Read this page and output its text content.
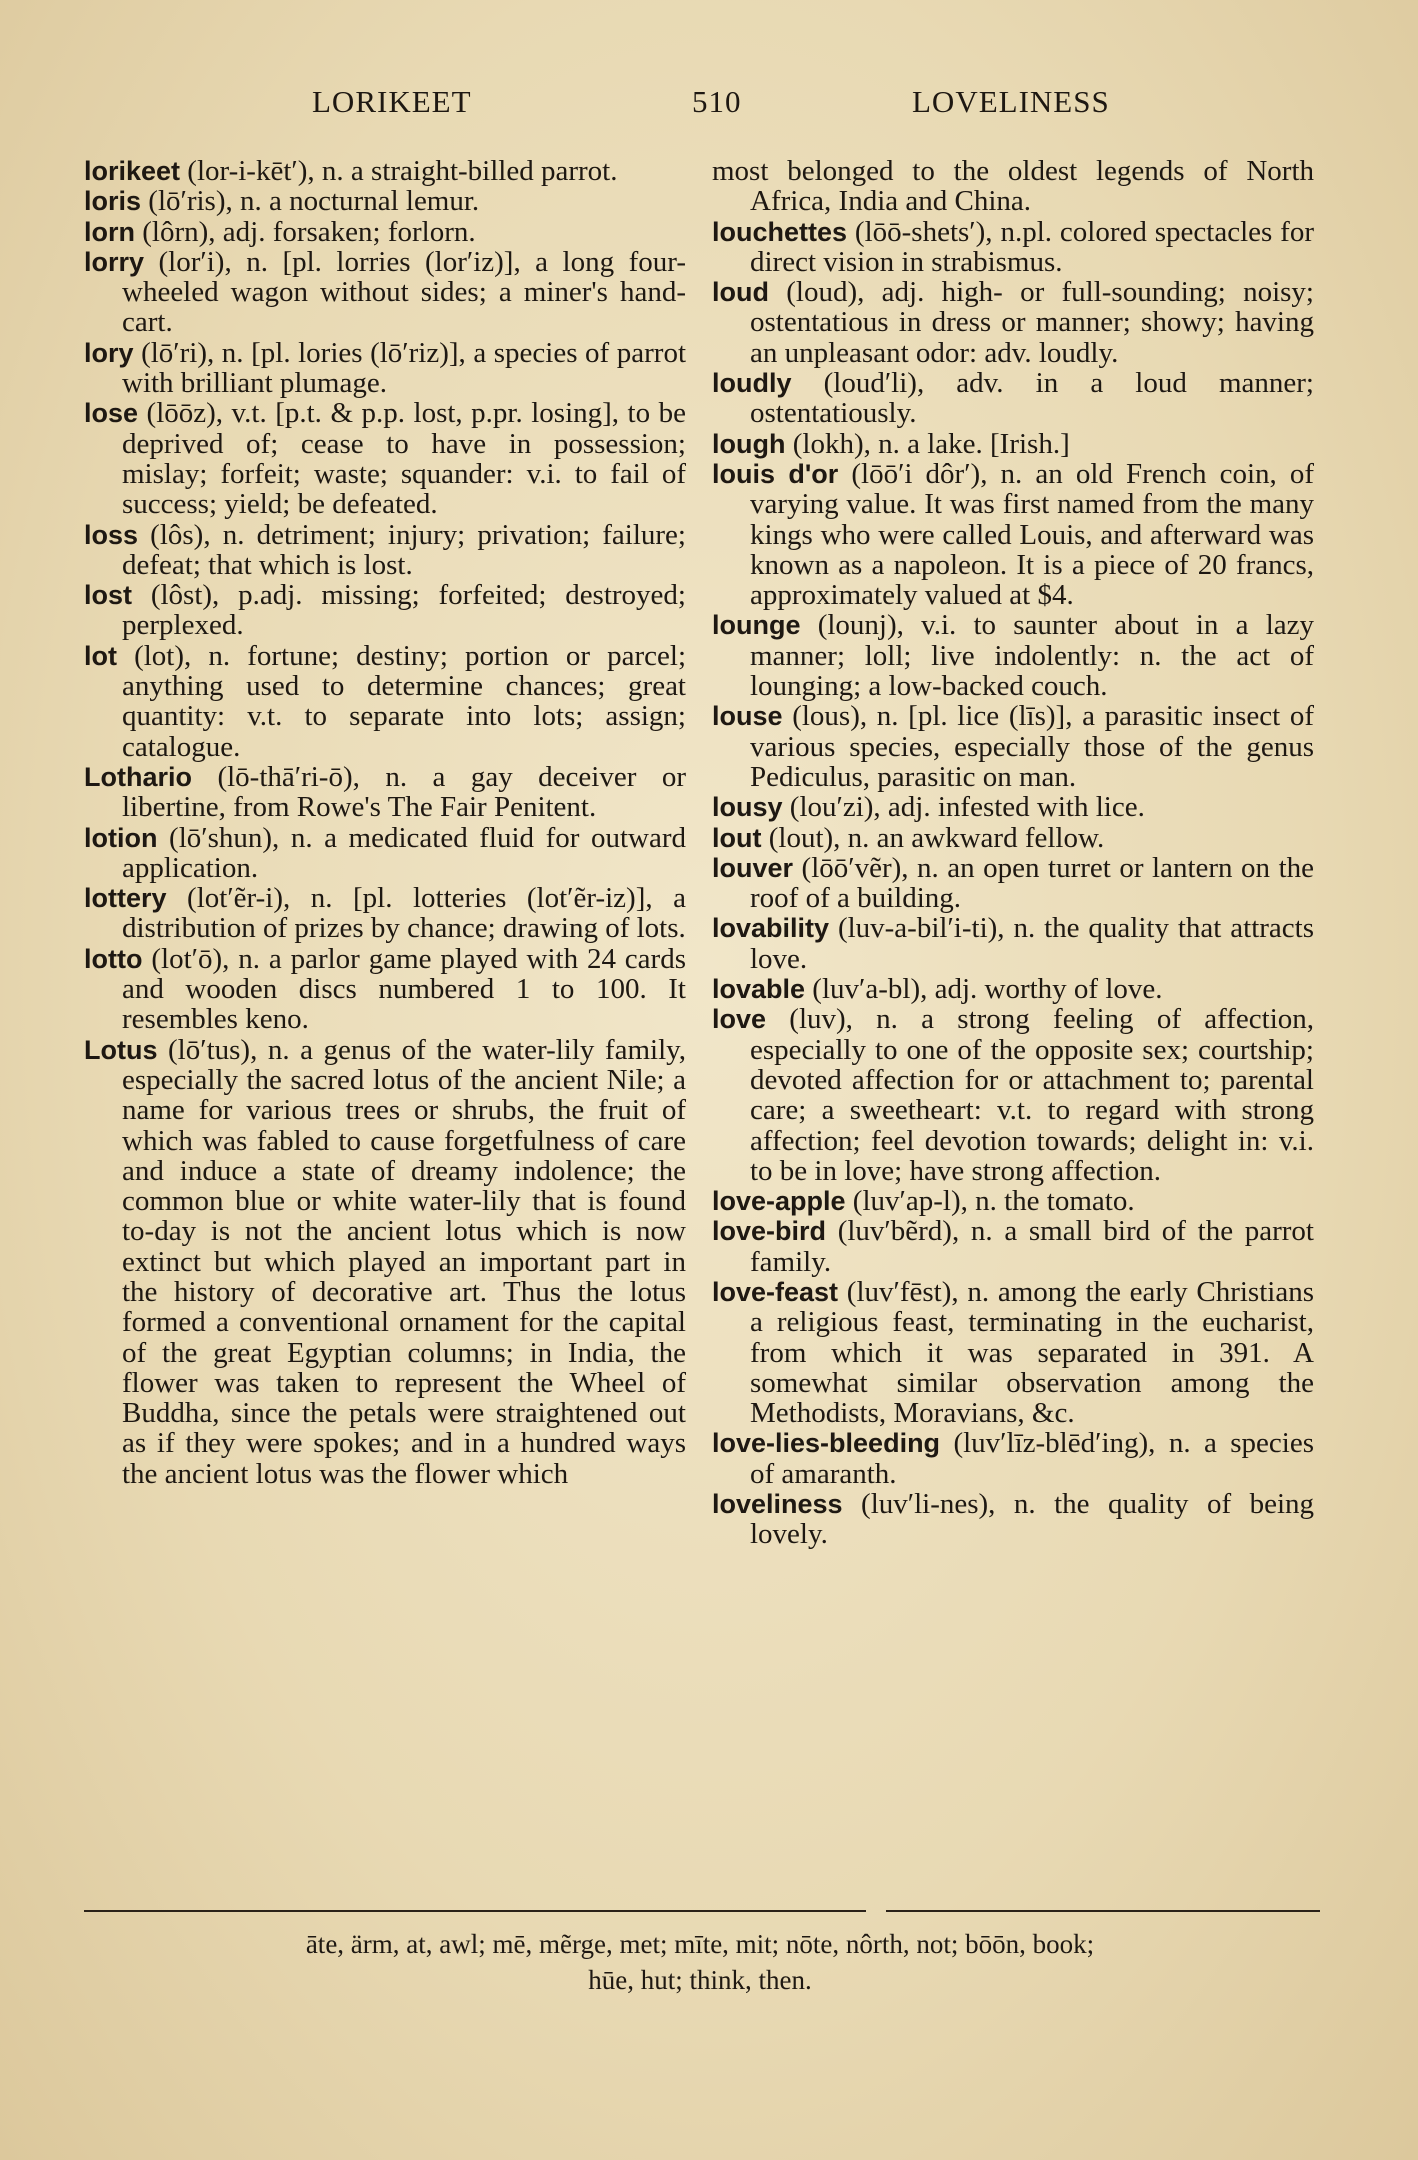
LORIKEET	510	LOVELINESS

lorikeet (lor-i-kēt′), n. a straight-billed parrot.

loris (lō′ris), n. a nocturnal lemur.

lorn (lôrn), adj. forsaken; forlorn.

lorry (lor′i), n. [pl. lorries (lor′iz)], a long four-wheeled wagon without sides; a miner's hand-cart.

lory (lō′ri), n. [pl. lories (lō′riz)], a species of parrot with brilliant plumage.

lose (lōōz), v.t. [p.t. & p.p. lost, p.pr. losing], to be deprived of; cease to have in possession; mislay; forfeit; waste; squander: v.i. to fail of success; yield; be defeated.

loss (lôs), n. detriment; injury; privation; failure; defeat; that which is lost.

lost (lôst), p.adj. missing; forfeited; destroyed; perplexed.

lot (lot), n. fortune; destiny; portion or parcel; anything used to determine chances; great quantity: v.t. to separate into lots; assign; catalogue.

Lothario (lō-thā′ri-ō), n. a gay deceiver or libertine, from Rowe's The Fair Penitent.

lotion (lō′shun), n. a medicated fluid for outward application.

lottery (lot′ẽr-i), n. [pl. lotteries (lot′ẽr-iz)], a distribution of prizes by chance; drawing of lots.

lotto (lot′ō), n. a parlor game played with 24 cards and wooden discs numbered 1 to 100. It resembles keno.

Lotus (lō′tus), n. a genus of the water-lily family, especially the sacred lotus of the ancient Nile; a name for various trees or shrubs, the fruit of which was fabled to cause forgetfulness of care and induce a state of dreamy indolence; the common blue or white water-lily that is found to-day is not the ancient lotus which is now extinct but which played an important part in the history of decorative art. Thus the lotus formed a conventional ornament for the capital of the great Egyptian columns; in India, the flower was taken to represent the Wheel of Buddha, since the petals were straightened out as if they were spokes; and in a hundred ways the ancient lotus was the flower which

most belonged to the oldest legends of North Africa, India and China.

louchettes (lōō-shets′), n.pl. colored spectacles for direct vision in strabismus.

loud (loud), adj. high- or full-sounding; noisy; ostentatious in dress or manner; showy; having an unpleasant odor: adv. loudly.

loudly (loud′li), adv. in a loud manner; ostentatiously.

lough (lokh), n. a lake. [Irish.]

louis d'or (lōō′i dôr′), n. an old French coin, of varying value. It was first named from the many kings who were called Louis, and afterward was known as a napoleon. It is a piece of 20 francs, approximately valued at $4.

lounge (lounj), v.i. to saunter about in a lazy manner; loll; live indolently: n. the act of lounging; a low-backed couch.

louse (lous), n. [pl. lice (līs)], a parasitic insect of various species, especially those of the genus Pediculus, parasitic on man.

lousy (lou′zi), adj. infested with lice.

lout (lout), n. an awkward fellow.

louver (lōō′vẽr), n. an open turret or lantern on the roof of a building.

lovability (luv-a-bil′i-ti), n. the quality that attracts love.

lovable (luv′a-bl), adj. worthy of love.

love (luv), n. a strong feeling of affection, especially to one of the opposite sex; courtship; devoted affection for or attachment to; parental care; a sweetheart: v.t. to regard with strong affection; feel devotion towards; delight in: v.i. to be in love; have strong affection.

love-apple (luv′ap-l), n. the tomato.

love-bird (luv′bẽrd), n. a small bird of the parrot family.

love-feast (luv′fēst), n. among the early Christians a religious feast, terminating in the eucharist, from which it was separated in 391. A somewhat similar observation among the Methodists, Moravians, &c.

love-lies-bleeding (luv′līz-blēd′ing), n. a species of amaranth.

loveliness (luv′li-nes), n. the quality of being lovely.

āte, ärm, at, awl; mē, mẽrge, met; mīte, mit; nōte, nôrth, not; bōōn, book;
hūe, hut; think, then.
